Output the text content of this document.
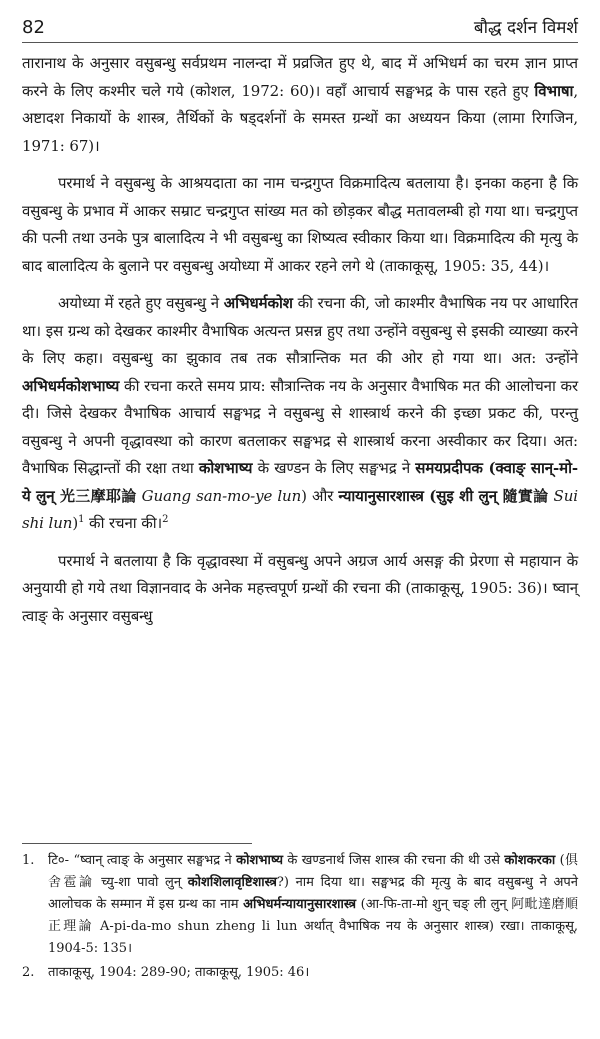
82	बौद्ध दर्शन विमर्श

तारानाथ के अनुसार वसुबन्धु सर्वप्रथम नालन्दा में प्रव्रजित हुए थे, बाद में अभिधर्म का चरम ज्ञान प्राप्त करने के लिए कश्मीर चले गये (कोशल, 1972: 60)। वहाँ आचार्य सङ्घभद्र के पास रहते हुए विभाषा, अष्टादश निकायों के शास्त्र, तैर्थिकों के षड्दर्शनों के समस्त ग्रन्थों का अध्ययन किया (लामा रिगजिन, 1971: 67)।

परमार्थ ने वसुबन्धु के आश्रयदाता का नाम चन्द्रगुप्त विक्रमादित्य बतलाया है। इनका कहना है कि वसुबन्धु के प्रभाव में आकर सम्राट चन्द्रगुप्त सांख्य मत को छोड़कर बौद्ध मतावलम्बी हो गया था। चन्द्रगुप्त की पत्नी तथा उनके पुत्र बालादित्य ने भी वसुबन्धु का शिष्यत्व स्वीकार किया था। विक्रमादित्य की मृत्यु के बाद बालादित्य के बुलाने पर वसुबन्धु अयोध्या में आकर रहने लगे थे (ताकाकूसू, 1905: 35, 44)।

अयोध्या में रहते हुए वसुबन्धु ने अभिधर्मकोश की रचना की, जो काश्मीर वैभाषिक नय पर आधारित था। इस ग्रन्थ को देखकर काश्मीर वैभाषिक अत्यन्त प्रसन्न हुए तथा उन्होंने वसुबन्धु से इसकी व्याख्या करने के लिए कहा। वसुबन्धु का झुकाव तब तक सौत्रान्तिक मत की ओर हो गया था। अत: उन्होंने अभिधर्मकोशभाष्य की रचना करते समय प्राय: सौत्रान्तिक नय के अनुसार वैभाषिक मत की आलोचना कर दी। जिसे देखकर वैभाषिक आचार्य सङ्घभद्र ने वसुबन्धु से शास्त्रार्थ करने की इच्छा प्रकट की, परन्तु वसुबन्धु ने अपनी वृद्धावस्था को कारण बतलाकर सङ्घभद्र से शास्त्रार्थ करना अस्वीकार कर दिया। अत: वैभाषिक सिद्धान्तों की रक्षा तथा कोशभाष्य के खण्डन के लिए सङ्घभद्र ने समयप्रदीपक (क्वाङ् सान्-मो-ये लुन् 光三摩耶論 Guang san-mo-ye lun) और न्यायानुसारशास्त्र (सुइ शी लुन् 隨實論 Sui shi lun)$^1$ की रचना की।$^2$

परमार्थ ने बतलाया है कि वृद्धावस्था में वसुबन्धु अपने अग्रज आर्य असङ्ग की प्रेरणा से महायान के अनुयायी हो गये तथा विज्ञानवाद के अनेक महत्त्वपूर्ण ग्रन्थों की रचना की (ताकाकूसू, 1905: 36)। ष्वान् त्वाङ् के अनुसार वसुबन्धु

1.	टि०- “ष्वान् त्वाङ् के अनुसार सङ्घभद्र ने कोशभाष्य के खण्डनार्थ जिस शास्त्र की रचना की थी उसे कोशकरका (俱舍雹論 च्यु-शा पावो लुन् कोशशिलावृष्टिशास्त्र?) नाम दिया था। सङ्घभद्र की मृत्यु के बाद वसुबन्धु ने अपने आलोचक के सम्मान में इस ग्रन्थ का नाम अभिधर्मन्यायानुसारशास्त्र (आ-फि-ता-मो शुन् चङ् ली लुन् 阿毗達磨順正理論 A-pi-da-mo shun zheng li lun अर्थात् वैभाषिक नय के अनुसार शास्त्र) रखा। ताकाकूसू, 1904-5: 135।
2.	ताकाकूसू, 1904: 289-90; ताकाकूसू, 1905: 46।
